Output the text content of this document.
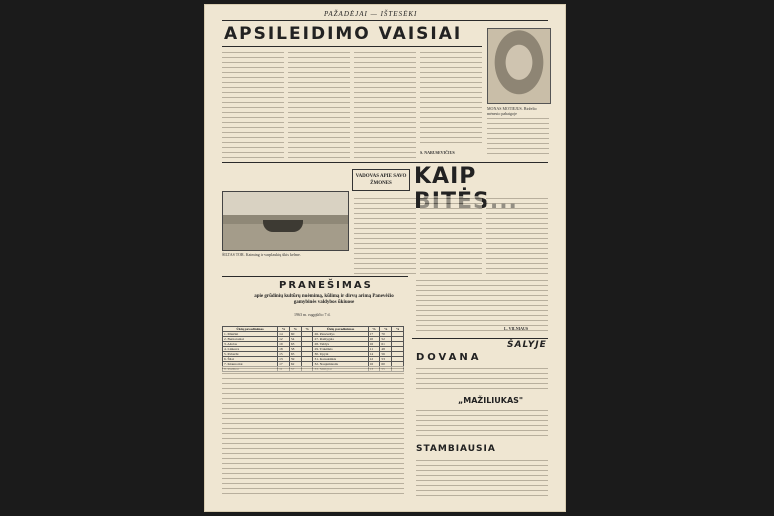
PAŽADĖJAI — IŠTESĖKI
APSILEIDIMO VAISIAI
S. NARUSEVIČIUS
MONAS MOTIEJUS. Birželio mėnesio pabaigoje
VADOVAS APIE SAVO ŽMONES	KAIP
ŠILTAS TOR. Kaiming ir varplaukių ūkis kelme.
L. VILNIAUS
PRANEŠIMAS
apie grūdinių kultūrų nuėmimą, kūlimą ir dirvų arimą Panevėžio gamybinės valdybos ūkiuose
1963 m. rugpjūčio 7 d.
Ūkių pavadinimas	%	%	%	Ūkių pavadinimas	%	%	%
1. Miežiai	14	60		26. Panevėžys	17	70	
2. Bernatoniai	12	54		27. Ramygala	10	52	
3. Ažolas	19	63		28. Velžys	16	61	
4. Linkuva	18	58		29. Trakiškis	11	48	
5. Paberžė	15	65		30. Upytė	14	56	
6. Šilai	13	59		31. Karsakiškis	12	53	
7. Kiaunoriai	17	62		32. Naujamiestis	16	60	

ŠALYJE
DOVANA
„MAŽILIUKAS"
STAMBIAUSIA
